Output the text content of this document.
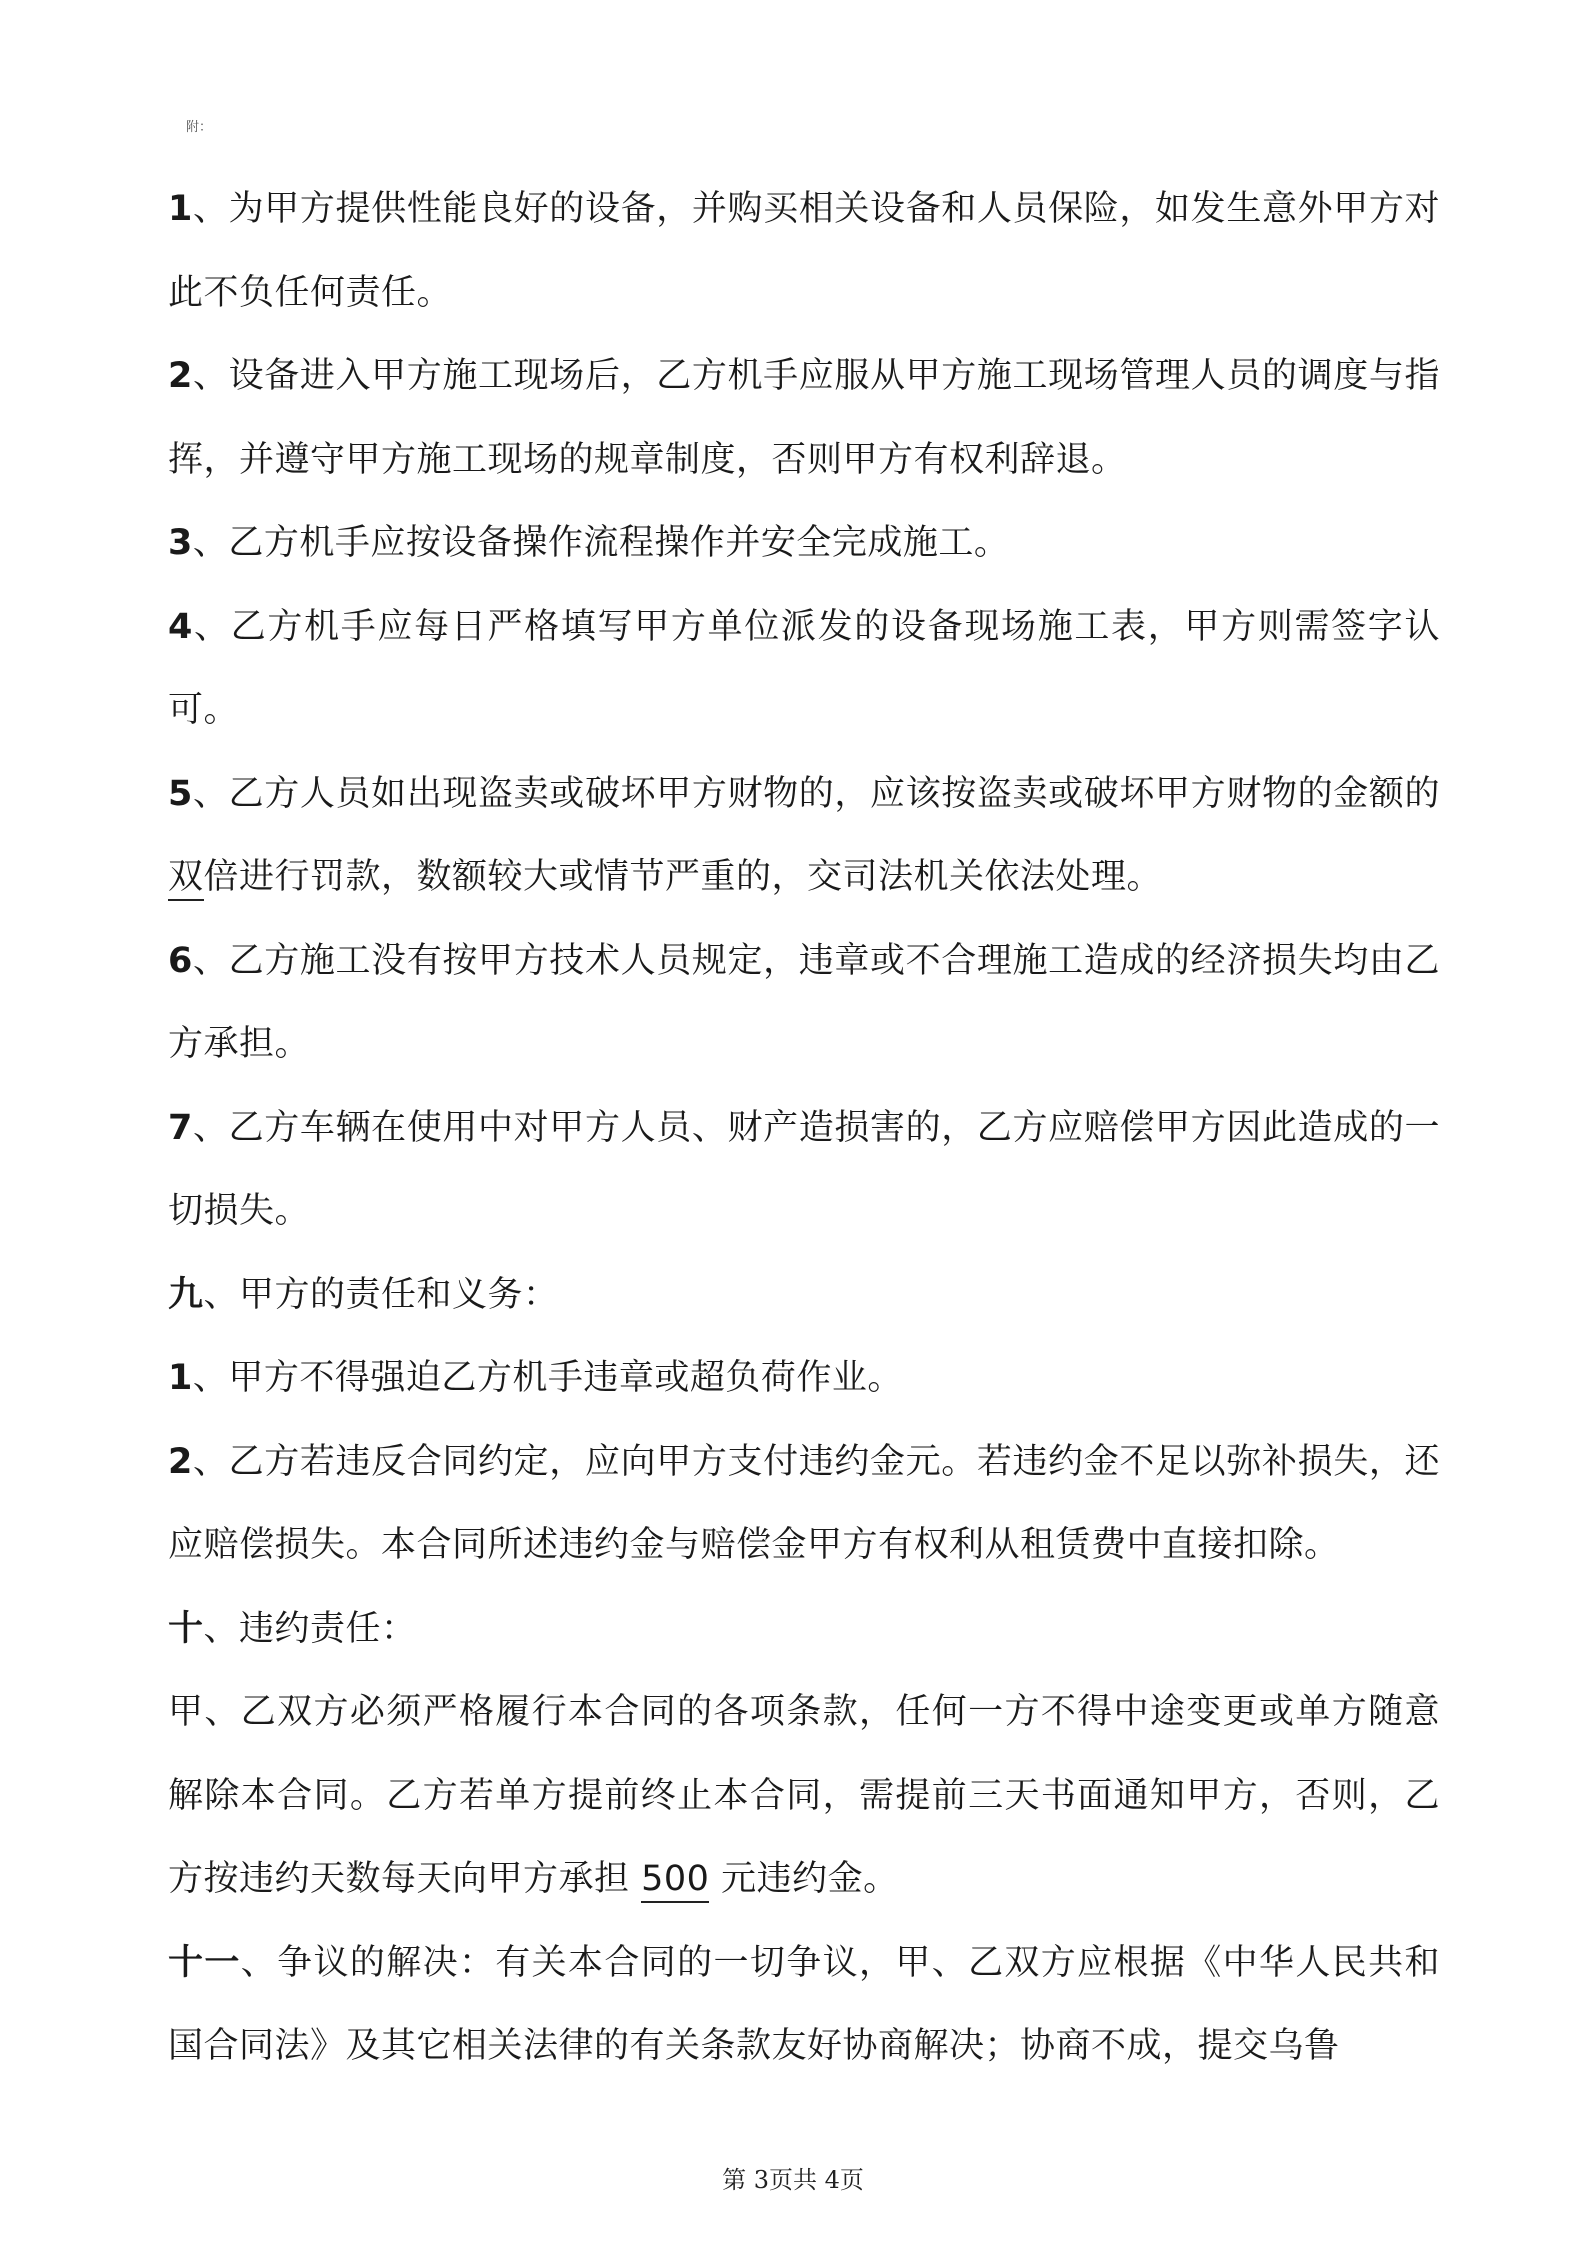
附：

1、为甲方提供性能良好的设备，并购买相关设备和人员保险，如发生意外甲方对此不负任何责任。

2、设备进入甲方施工现场后，乙方机手应服从甲方施工现场管理人员的调度与指挥，并遵守甲方施工现场的规章制度，否则甲方有权利辞退。

3、乙方机手应按设备操作流程操作并安全完成施工。

4、乙方机手应每日严格填写甲方单位派发的设备现场施工表，甲方则需签字认可。

5、乙方人员如出现盗卖或破坏甲方财物的，应该按盗卖或破坏甲方财物的金额的双倍进行罚款，数额较大或情节严重的，交司法机关依法处理。

6、乙方施工没有按甲方技术人员规定，违章或不合理施工造成的经济损失均由乙方承担。

7、乙方车辆在使用中对甲方人员、财产造损害的，乙方应赔偿甲方因此造成的一切损失。

九、甲方的责任和义务：

1、甲方不得强迫乙方机手违章或超负荷作业。

2、乙方若违反合同约定，应向甲方支付违约金元。若违约金不足以弥补损失，还应赔偿损失。本合同所述违约金与赔偿金甲方有权利从租赁费中直接扣除。

十、违约责任：

甲、乙双方必须严格履行本合同的各项条款，任何一方不得中途变更或单方随意解除本合同。乙方若单方提前终止本合同，需提前三天书面通知甲方，否则，乙方按违约天数每天向甲方承担 500 元违约金。

十一、争议的解决：有关本合同的一切争议，甲、乙双方应根据《中华人民共和国合同法》及其它相关法律的有关条款友好协商解决；协商不成，提交乌鲁

第 3页共 4页
